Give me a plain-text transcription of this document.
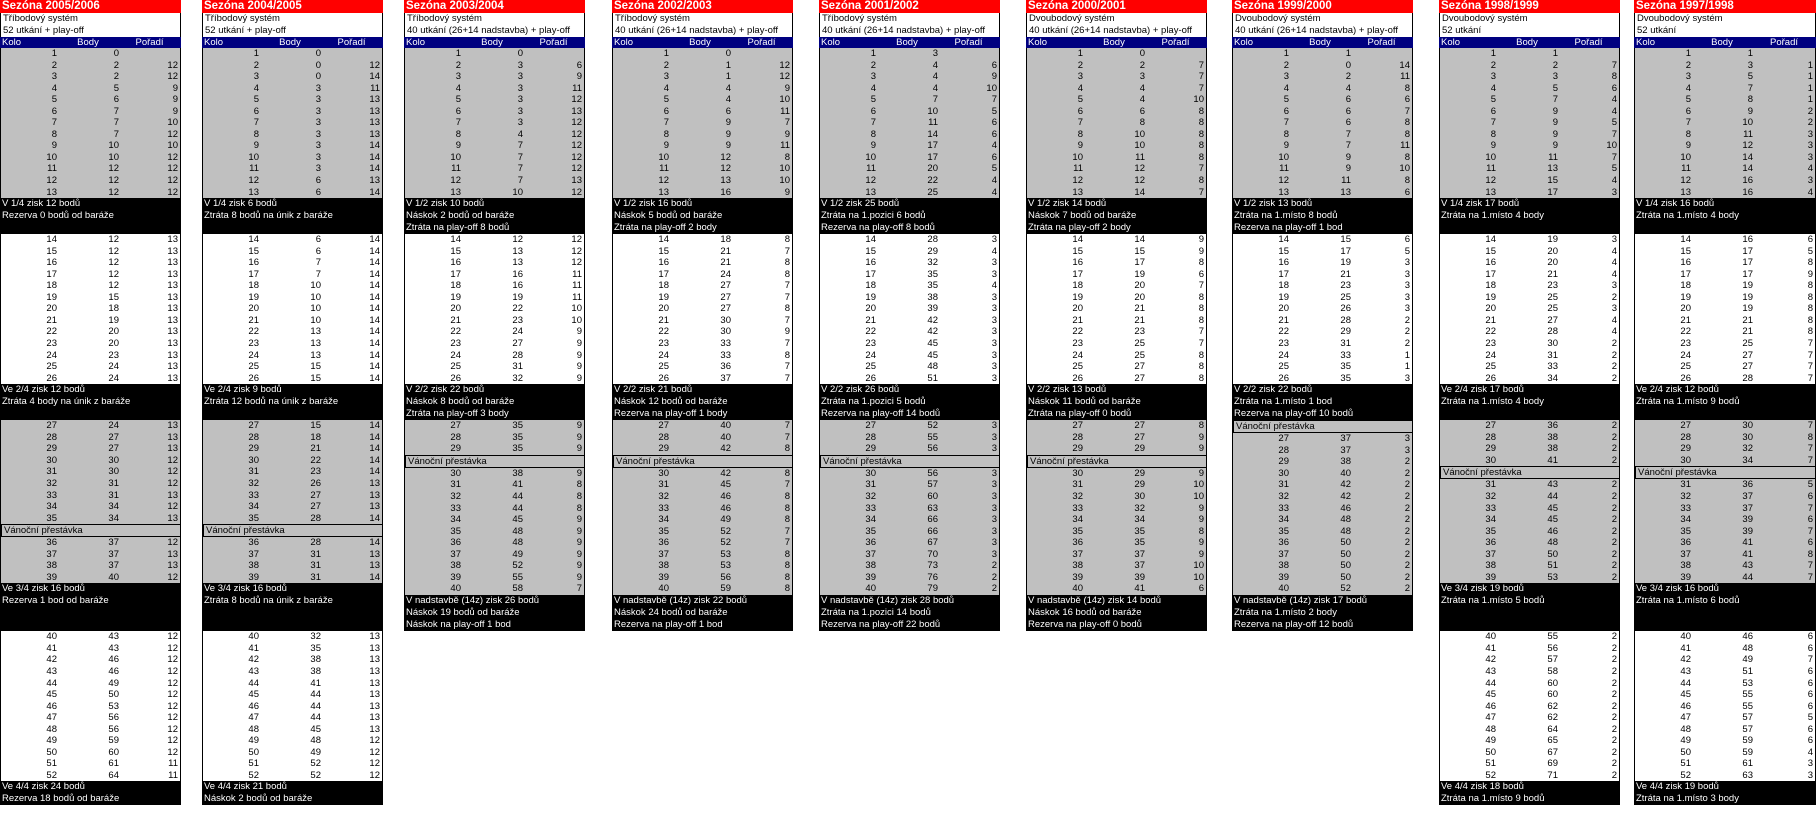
Sezóna 2005/2006
Tříbodový systém
52 utkání + play-off
Kolo	Body	Pořadí
1	0
2	2	12
3	2	12
4	5	9
5	6	9
6	7	9
7	7	10
8	7	12
9	10	10
10	10	12
11	12	12
12	12	12
13	12	12
V 1/4 zisk 12 bodů
Rezerva 0 bodů od baráže
14	12	13
15	12	13
16	12	13
17	12	13
18	12	13
19	15	13
20	18	13
21	19	13
22	20	13
23	20	13
24	23	13
25	24	13
26	24	13
Ve 2/4 zisk 12 bodů
Ztráta 4 body na únik z baráže
27	24	13
28	27	13
29	27	13
30	30	12
31	30	12
32	31	12
33	31	13
34	34	12
35	34	13
Vánoční přestávka
36	37	12
37	37	13
38	37	13
39	40	12
Ve 3/4 zisk 16 bodů
Rezerva 1 bod od baráže
40	43	12
41	43	12
42	46	12
43	46	12
44	49	12
45	50	12
46	53	12
47	56	12
48	56	12
49	59	12
50	60	12
51	61	11
52	64	11
Ve 4/4 zisk 24 bodů
Rezerva 18 bodů od baráže
Sezóna 2004/2005
Tříbodový systém
52 utkání + play-off
Kolo	Body	Pořadí
1	0
2	0	12
3	0	14
4	3	11
5	3	13
6	3	13
7	3	13
8	3	13
9	3	14
10	3	14
11	3	14
12	6	13
13	6	14
V 1/4 zisk 6 bodů
Ztráta 8 bodů na únik z baráže
14	6	14
15	6	14
16	7	14
17	7	14
18	10	14
19	10	14
20	10	14
21	10	14
22	13	14
23	13	14
24	13	14
25	15	14
26	15	14
Ve 2/4 zisk 9 bodů
Ztráta 12 bodů na únik z baráže
27	15	14
28	18	14
29	21	14
30	22	14
31	23	14
32	26	13
33	27	13
34	27	13
35	28	14
Vánoční přestávka
36	28	14
37	31	13
38	31	13
39	31	14
Ve 3/4 zisk 16 bodů
Ztráta 8 bodů na únik z baráže
40	32	13
41	35	13
42	38	13
43	38	13
44	41	13
45	44	13
46	44	13
47	44	13
48	45	13
49	48	12
50	49	12
51	52	12
52	52	12
Ve 4/4 zisk 21 bodů
Náskok 2 bodů od baráže
Sezóna 2003/2004
Tříbodový systém
40 utkání (26+14 nadstavba) + play-off
Kolo	Body	Pořadí
1	0
2	3	6
3	3	9
4	3	11
5	3	12
6	3	13
7	3	12
8	4	12
9	7	12
10	7	12
11	7	12
12	7	13
13	10	12
V 1/2 zisk 10 bodů
Náskok 2 bodů od baráže
Ztráta na play-off 8 bodů
14	12	12
15	13	12
16	13	12
17	16	11
18	16	11
19	19	11
20	22	10
21	23	10
22	24	9
23	27	9
24	28	9
25	31	9
26	32	9
V 2/2 zisk 22 bodů
Náskok 8 bodů od baráže
Ztráta na play-off 3 body
27	35	9
28	35	9
29	35	9
Vánoční přestávka
30	38	9
31	41	8
32	44	8
33	44	8
34	45	9
35	48	9
36	48	9
37	49	9
38	52	9
39	55	9
40	58	7
V nadstavbě (14z) zisk 26 bodů
Náskok 19 bodů od baráže
Náskok na play-off 1 bod
Sezóna 2002/2003
Tříbodový systém
40 utkání (26+14 nadstavba) + play-off
Kolo	Body	Pořadí
1	0
2	1	12
3	1	12
4	4	9
5	4	10
6	6	11
7	9	7
8	9	9
9	9	11
10	12	8
11	12	10
12	13	10
13	16	9
V 1/2 zisk 16 bodů
Náskok 5 bodů od baráže
Ztráta na play-off 2 body
14	18	8
15	21	7
16	21	8
17	24	8
18	27	7
19	27	7
20	27	8
21	30	7
22	30	9
23	33	7
24	33	8
25	36	7
26	37	7
V 2/2 zisk 21 bodů
Náskok 12 bodů od baráže
Rezerva na play-off 1 body
27	40	7
28	40	7
29	42	8
Vánoční přestávka
30	42	8
31	45	7
32	46	8
33	46	8
34	49	8
35	52	7
36	52	7
37	53	8
38	53	8
39	56	8
40	59	8
V nadstavbě (14z) zisk 22 bodů
Náskok 24 bodů od baráže
Rezerva na play-off 1 bod
Sezóna 2001/2002
Tříbodový systém
40 utkání (26+14 nadstavba) + play-off
Kolo	Body	Pořadí
1	3
2	4	6
3	4	9
4	4	10
5	7	7
6	10	5
7	11	6
8	14	6
9	17	4
10	17	6
11	20	5
12	22	4
13	25	4
V 1/2 zisk 25 bodů
Ztráta na 1.pozici 6 bodů
Rezerva na play-off 8 bodů
14	28	3
15	29	4
16	32	3
17	35	3
18	35	4
19	38	3
20	39	3
21	42	3
22	42	3
23	45	3
24	45	3
25	48	3
26	51	3
V 2/2 zisk 26 bodů
Ztráta na 1.pozici 5 bodů
Rezerva na play-off 14 bodů
27	52	3
28	55	3
29	56	3
Vánoční přestávka
30	56	3
31	57	3
32	60	3
33	63	3
34	66	3
35	66	3
36	67	3
37	70	3
38	73	2
39	76	2
40	79	2
V nadstavbě (14z) zisk 28 bodů
Ztráta na 1.pozici 14 bodů
Rezerva na play-off 22 bodů
Sezóna 2000/2001
Dvoubodový systém
40 utkání (26+14 nadstavba) + play-off
Kolo	Body	Pořadí
1	0
2	2	7
3	3	7
4	4	7
5	4	10
6	6	8
7	8	8
8	10	8
9	10	8
10	11	8
11	12	7
12	12	8
13	14	7
V 1/2 zisk 14 bodů
Náskok 7 bodů od baráže
Ztráta na play-off 2 body
14	14	9
15	15	9
16	17	8
17	19	6
18	20	7
19	20	8
20	21	8
21	21	8
22	23	7
23	25	7
24	25	8
25	27	8
26	27	8
V 2/2 zisk 13 bodů
Náskok 11 bodů od baráže
Ztráta na play-off 0 bodů
27	27	8
28	27	9
29	29	9
Vánoční přestávka
30	29	9
31	29	10
32	30	10
33	32	9
34	34	9
35	35	8
36	35	9
37	37	9
38	37	10
39	39	10
40	41	6
V nadstavbě (14z) zisk 14 bodů
Náskok 16 bodů od baráže
Rezerva na play-off 0 bodů
Sezóna 1999/2000
Dvoubodový systém
40 utkání (26+14 nadstavba) + play-off
Kolo	Body	Pořadí
1	1
2	0	14
3	2	11
4	4	8
5	6	6
6	6	7
7	6	8
8	7	8
9	7	11
10	9	8
11	9	10
12	11	8
13	13	6
V 1/2 zisk 13 bodů
Ztráta na 1.místo 8 bodů
Rezerva na play-off 1 bod
14	15	6
15	17	5
16	19	3
17	21	3
18	23	3
19	25	3
20	26	3
21	28	2
22	29	2
23	31	2
24	33	1
25	35	1
26	35	3
V 2/2 zisk 22 bodů
Ztráta na 1.místo 1 bod
Rezerva na play-off 10 bodů
Vánoční přestávka
27	37	3
28	37	3
29	38	2
30	40	2
31	42	2
32	42	2
33	46	2
34	48	2
35	48	2
36	50	2
37	50	2
38	50	2
39	50	2
40	52	2
V nadstavbě (14z) zisk 17 bodů
Ztráta na 1.místo 2 body
Rezerva na play-off 12 bodů
Sezóna 1998/1999
Dvoubodový systém
52 utkání
Kolo	Body	Pořadí
1	1
2	2	7
3	3	8
4	5	6
5	7	4
6	9	4
7	9	5
8	9	7
9	9	10
10	11	7
11	13	5
12	15	4
13	17	3
V 1/4 zisk 17 bodů
Ztráta na 1.místo 4 body
14	19	3
15	20	4
16	20	4
17	21	4
18	23	3
19	25	2
20	25	3
21	27	4
22	28	4
23	30	2
24	31	2
25	33	2
26	34	2
Ve 2/4 zisk 17 bodů
Ztráta na 1.místo 4 body
27	36	2
28	38	2
29	38	2
30	41	2
Vánoční přestávka
31	43	2
32	44	2
33	45	2
34	45	2
35	46	2
36	48	2
37	50	2
38	51	2
39	53	2
Ve 3/4 zisk 19 bodů
Ztráta na 1.místo 5 bodů
40	55	2
41	56	2
42	57	2
43	58	2
44	60	2
45	60	2
46	62	2
47	62	2
48	64	2
49	65	2
50	67	2
51	69	2
52	71	2
Ve 4/4 zisk 18 bodů
Ztráta na 1.místo 9 bodů
Sezóna 1997/1998
Dvoubodový systém
52 utkání
Kolo	Body	Pořadí
1	1
2	3	1
3	5	1
4	7	1
5	8	1
6	9	2
7	10	2
8	11	3
9	12	3
10	14	3
11	14	4
12	16	3
13	16	4
V 1/4 zisk 16 bodů
Ztráta na 1.místo 4 body
14	16	6
15	17	5
16	17	8
17	17	9
18	19	8
19	19	8
20	19	8
21	21	8
22	21	8
23	25	7
24	27	7
25	27	7
26	28	7
Ve 2/4 zisk 12 bodů
Ztráta na 1.místo 9 bodů
27	30	7
28	30	8
29	32	7
30	34	7
Vánoční přestávka
31	36	5
32	37	6
33	37	7
34	39	6
35	39	7
36	41	6
37	41	8
38	43	7
39	44	7
Ve 3/4 zisk 16 bodů
Ztráta na 1.místo 6 bodů
40	46	6
41	48	6
42	49	7
43	51	6
44	53	6
45	55	6
46	55	6
47	57	5
48	57	6
49	59	6
50	59	4
51	61	3
52	63	3
Ve 4/4 zisk 19 bodů
Ztráta na 1.místo 3 body
